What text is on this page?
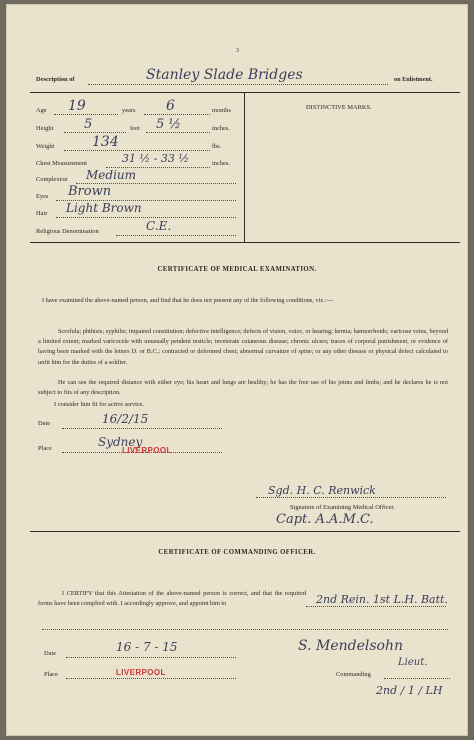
3
Description of	Stanley Slade Bridges	on Enlistment.
DISTINCTIVE MARKS.
Age 19	years 6	months
Height 5	feet 5 ½	inches.
Weight	134	lbs.
Chest Measurement	31 ½ - 33 ½	inches.
Complexion Medium
Eyes Brown
Hair Light Brown
Religious Denomination	C.E.
CERTIFICATE OF MEDICAL EXAMINATION.
I have examined the above-named person, and find that he does not present any of the following conditions, viz.:—
Scrofula; phthisis; syphilis; impaired constitution; defective intelligence; defects of vision, voice, or hearing; hernia; hæmorrhoids; varicose veins, beyond a limited extent; marked varicocele with unusually pendent testicle; inveterate cutaneous disease; chronic ulcers; traces of corporal punishment, or evidence of having been marked with the letters D. or B.C.; contracted or deformed chest; abnormal curvature of spine; or any other disease or physical defect calculated to unfit him for the duties of a soldier.
He can see the required distance with either eye; his heart and lungs are healthy; he has the free use of his joints and limbs; and he declares he is not subject to fits of any description.
I consider him fit for active service.
Date	16/2/15
Place	Sydney
LIVERPOOL
Sgd. H. C. Renwick
Signature of Examining Medical Officer.
Capt. A.A.M.C.
CERTIFICATE OF COMMANDING OFFICER.
I CERTIFY that this Attestation of the above-named person is correct, and that the required forms have been complied with. I accordingly approve, and appoint him to	2nd Rein. 1st L.H. Batt.
Date	16 - 7 - 15	S. Mendelsohn
Lieut.
Place	LIVERPOOL	Commanding
2nd / 1 / LH
